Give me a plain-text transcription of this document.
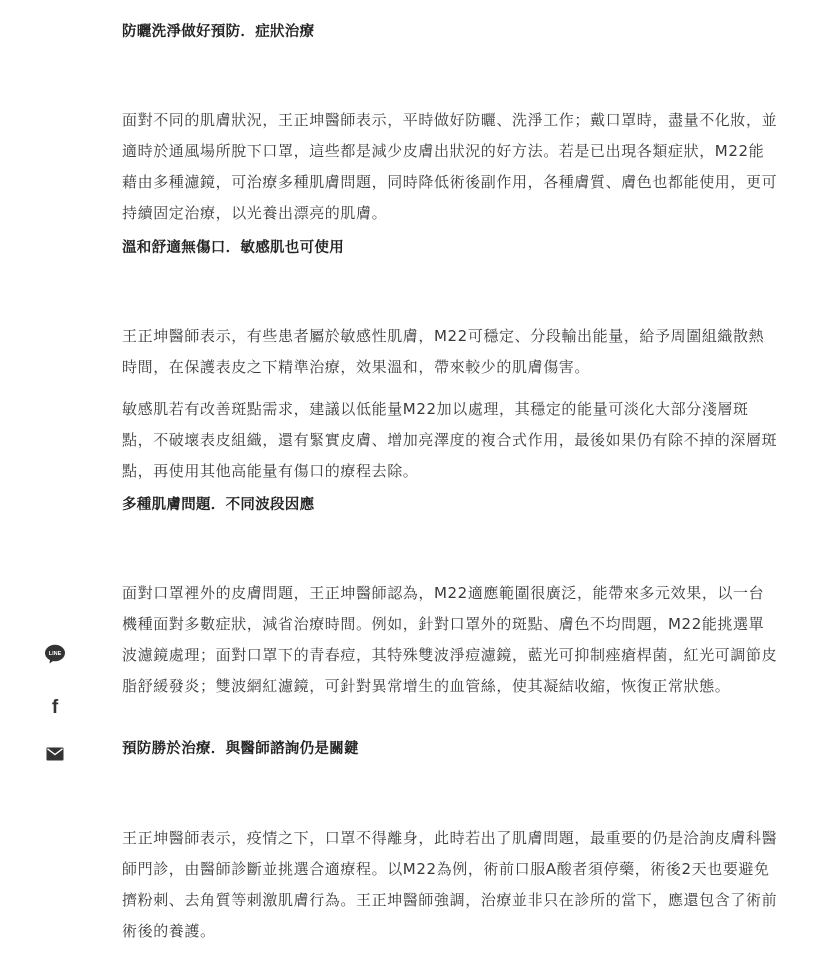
防曬洗淨做好預防．症狀治療

面對不同的肌膚狀況，王正坤醫師表示，平時做好防曬、洗淨工作；戴口罩時，盡量不化妝，並適時於通風場所脫下口罩，這些都是減少皮膚出狀況的好方法。若是已出現各類症狀，M22能藉由多種濾鏡，可治療多種肌膚問題，同時降低術後副作用，各種膚質、膚色也都能使用，更可持續固定治療，以光養出漂亮的肌膚。

溫和舒適無傷口．敏感肌也可使用

王正坤醫師表示，有些患者屬於敏感性肌膚，M22可穩定、分段輸出能量，給予周圍組織散熱時間，在保護表皮之下精準治療，效果溫和，帶來較少的肌膚傷害。

敏感肌若有改善斑點需求，建議以低能量M22加以處理，其穩定的能量可淡化大部分淺層斑點，不破壞表皮組織，還有緊實皮膚、增加亮澤度的複合式作用，最後如果仍有除不掉的深層斑點，再使用其他高能量有傷口的療程去除。

多種肌膚問題．不同波段因應

面對口罩裡外的皮膚問題，王正坤醫師認為，M22適應範圍很廣泛，能帶來多元效果，以一台機種面對多數症狀，減省治療時間。例如，針對口罩外的斑點、膚色不均問題，M22能挑選單波濾鏡處理；面對口罩下的青春痘，其特殊雙波淨痘濾鏡，藍光可抑制痤瘡桿菌，紅光可調節皮脂舒緩發炎；雙波網紅濾鏡，可針對異常增生的血管絲，使其凝結收縮，恢復正常狀態。

預防勝於治療．與醫師諮詢仍是關鍵

王正坤醫師表示，疫情之下，口罩不得離身，此時若出了肌膚問題，最重要的仍是洽詢皮膚科醫師門診，由醫師診斷並挑選合適療程。以M22為例，術前口服A酸者須停藥，術後2天也要避免擠粉刺、去角質等刺激肌膚行為。王正坤醫師強調，治療並非只在診所的當下，應還包含了術前術後的養護。

LINE
f
